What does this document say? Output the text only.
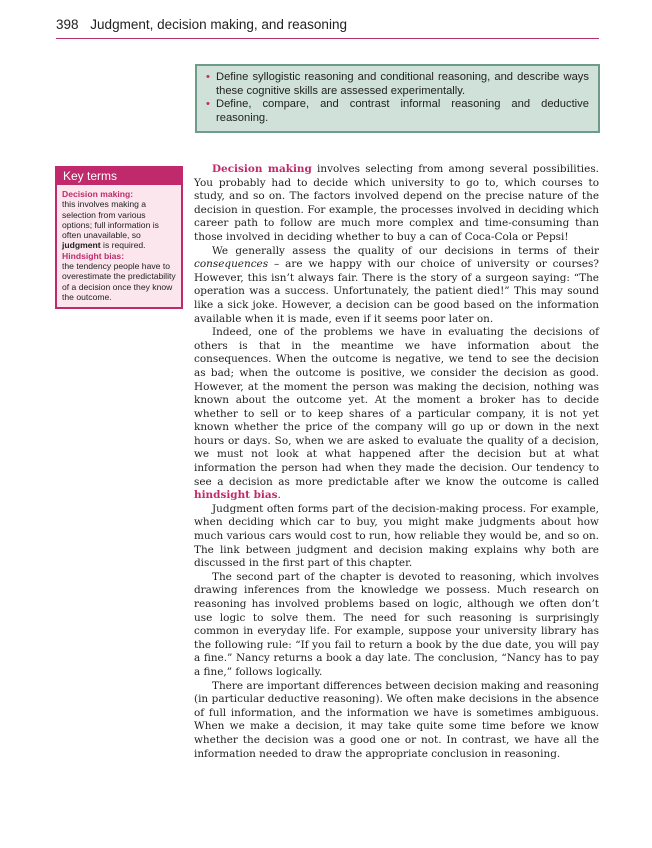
398 Judgment, decision making, and reasoning
• Define syllogistic reasoning and conditional reasoning, and describe ways these cognitive skills are assessed experimentally.
• Define, compare, and contrast informal reasoning and deductive reasoning.
Key terms
Decision making:
this involves making a selection from various options; full information is often unavailable, so judgment is required.
Hindsight bias:
the tendency people have to overestimate the predictability of a decision once they know the outcome.

Decision making involves selecting from among several possibilities. You probably had to decide which university to go to, which courses to study, and so on. The factors involved depend on the precise nature of the decision in question. For example, the processes involved in deciding which career path to follow are much more complex and time-consuming than those involved in deciding whether to buy a can of Coca-Cola or Pepsi!

We generally assess the quality of our decisions in terms of their consequences – are we happy with our choice of university or courses? However, this isn’t always fair. There is the story of a surgeon saying: “The operation was a success. Unfortunately, the patient died!” This may sound like a sick joke. However, a decision can be good based on the information available when it is made, even if it seems poor later on.

Indeed, one of the problems we have in evaluating the decisions of others is that in the meantime we have information about the consequences. When the outcome is negative, we tend to see the decision as bad; when the outcome is positive, we consider the decision as good. However, at the moment the person was making the decision, nothing was known about the outcome yet. At the moment a broker has to decide whether to sell or to keep shares of a particular company, it is not yet known whether the price of the company will go up or down in the next hours or days. So, when we are asked to evaluate the quality of a decision, we must not look at what happened after the decision but at what information the person had when they made the decision. Our tendency to see a decision as more predictable after we know the outcome is called hindsight bias.

Judgment often forms part of the decision-making process. For example, when deciding which car to buy, you might make judgments about how much various cars would cost to run, how reliable they would be, and so on. The link between judgment and decision making explains why both are discussed in the first part of this chapter.

The second part of the chapter is devoted to reasoning, which involves drawing inferences from the knowledge we possess. Much research on reasoning has involved problems based on logic, although we often don’t use logic to solve them. The need for such reasoning is surprisingly common in everyday life. For example, suppose your university library has the following rule: “If you fail to return a book by the due date, you will pay a fine.” Nancy returns a book a day late. The conclusion, “Nancy has to pay a fine,” follows logically.

There are important differences between decision making and reasoning (in particular deductive reasoning). We often make decisions in the absence of full information, and the information we have is sometimes ambiguous. When we make a decision, it may take quite some time before we know whether the decision was a good one or not. In contrast, we have all the information needed to draw the appropriate conclusion in reasoning.
